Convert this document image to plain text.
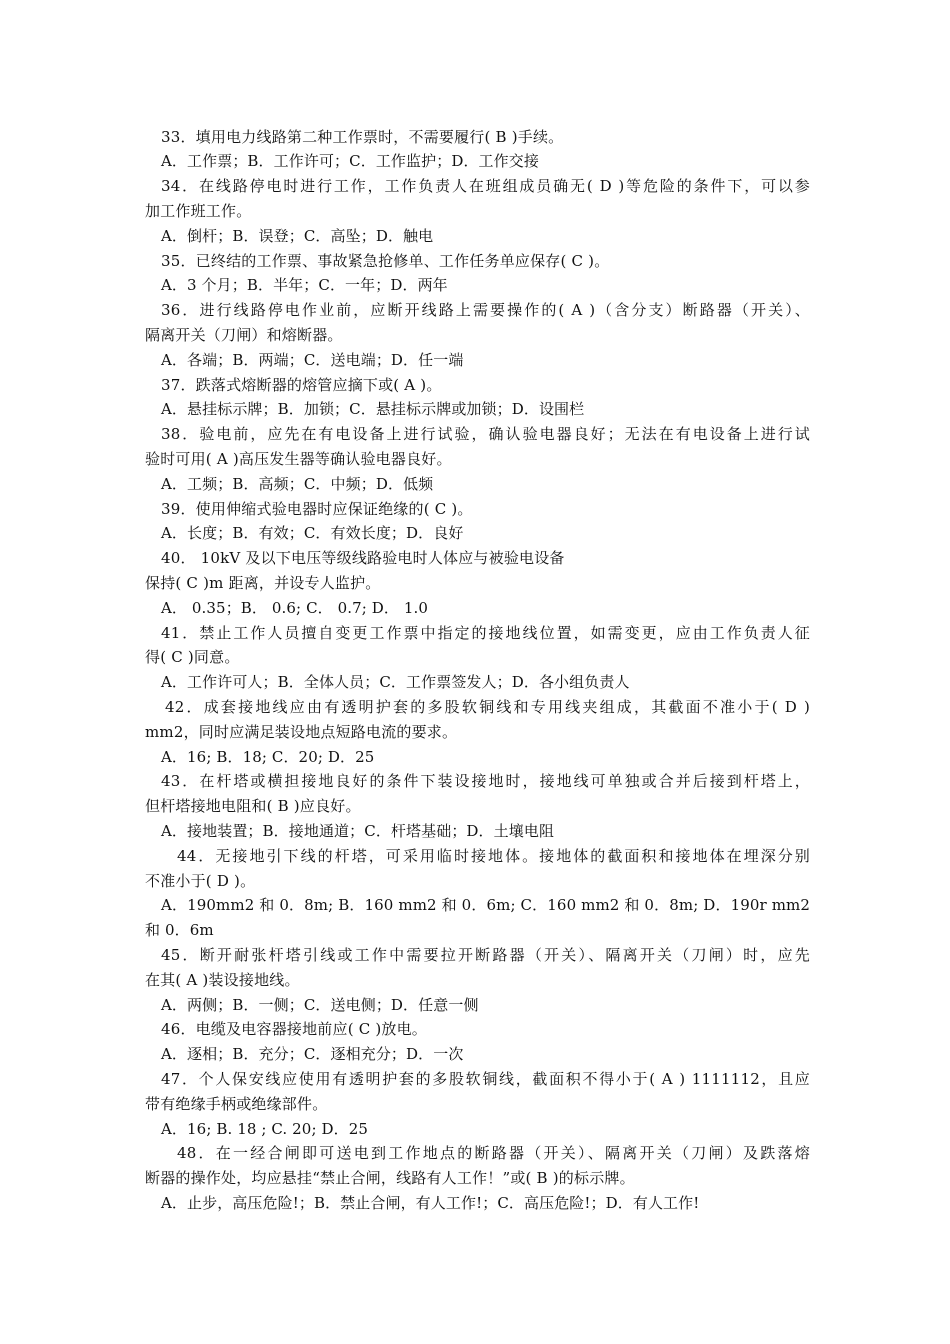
33．填用电力线路第二种工作票时，不需要履行( B )手续。
A．工作票；B．工作许可；C．工作监护；D．工作交接
34．在线路停电时进行工作，工作负责人在班组成员确无( D )等危险的条件下，可以参
加工作班工作。
A．倒杆；B．误登；C．高坠；D．触电
35．已终结的工作票、事故紧急抢修单、工作任务单应保存( C )。
A．3 个月；B．半年；C．一年；D．两年
36．进行线路停电作业前，应断开线路上需要操作的( A )（含分支）断路器（开关）、
隔离开关（刀闸）和熔断器。
A．各端；B．两端；C．送电端；D．任一端
37．跌落式熔断器的熔管应摘下或( A )。
A．悬挂标示牌；B．加锁；C．悬挂标示牌或加锁；D．设围栏
38．验电前，应先在有电设备上进行试验，确认验电器良好；无法在有电设备上进行试
验时可用( A )高压发生器等确认验电器良好。
A．工频；B．高频；C．中频；D．低频
39．使用伸缩式验电器时应保证绝缘的( C )。
A．长度；B．有效；C．有效长度；D．良好
40． 10kV 及以下电压等级线路验电时人体应与被验电设备
保持( C )m 距离，并设专人监护。
A． 0.35；B． 0.6; C． 0.7; D． 1.0
41．禁止工作人员擅自变更工作票中指定的接地线位置，如需变更，应由工作负责人征
得( C )同意。
A．工作许可人；B．全体人员；C．工作票签发人；D．各小组负责人
42．成套接地线应由有透明护套的多股软铜线和专用线夹组成，其截面不准小于( D )
mm2，同时应满足装设地点短路电流的要求。
A．16; B．18; C．20; D．25
43．在杆塔或横担接地良好的条件下装设接地时，接地线可单独或合并后接到杆塔上，
但杆塔接地电阻和( B )应良好。
A．接地装置；B．接地通道；C．杆塔基础；D．土壤电阻
44．无接地引下线的杆塔，可采用临时接地体。接地体的截面积和接地体在埋深分别
不准小于( D )。
A．190mm2 和 0．8m; B．160 mm2 和 0．6m; C．160 mm2 和 0．8m; D．190r mm2
和 0．6m
45．断开耐张杆塔引线或工作中需要拉开断路器（开关）、隔离开关（刀闸）时，应先
在其( A )装设接地线。
A．两侧；B．一侧；C．送电侧；D．任意一侧
46．电缆及电容器接地前应( C )放电。
A．逐相；B．充分；C．逐相充分；D．一次
47．个人保安线应使用有透明护套的多股软铜线，截面积不得小于( A ) 1111112，且应
带有绝缘手柄或绝缘部件。
A．16; B. 18 ; C. 20; D．25
48．在一经合闸即可送电到工作地点的断路器（开关）、隔离开关（刀闸）及跌落熔
断器的操作处，均应悬挂“禁止合闸，线路有人工作！”或( B )的标示牌。
A．止步，高压危险!；B．禁止合闸，有人工作!；C．高压危险!；D．有人工作!
